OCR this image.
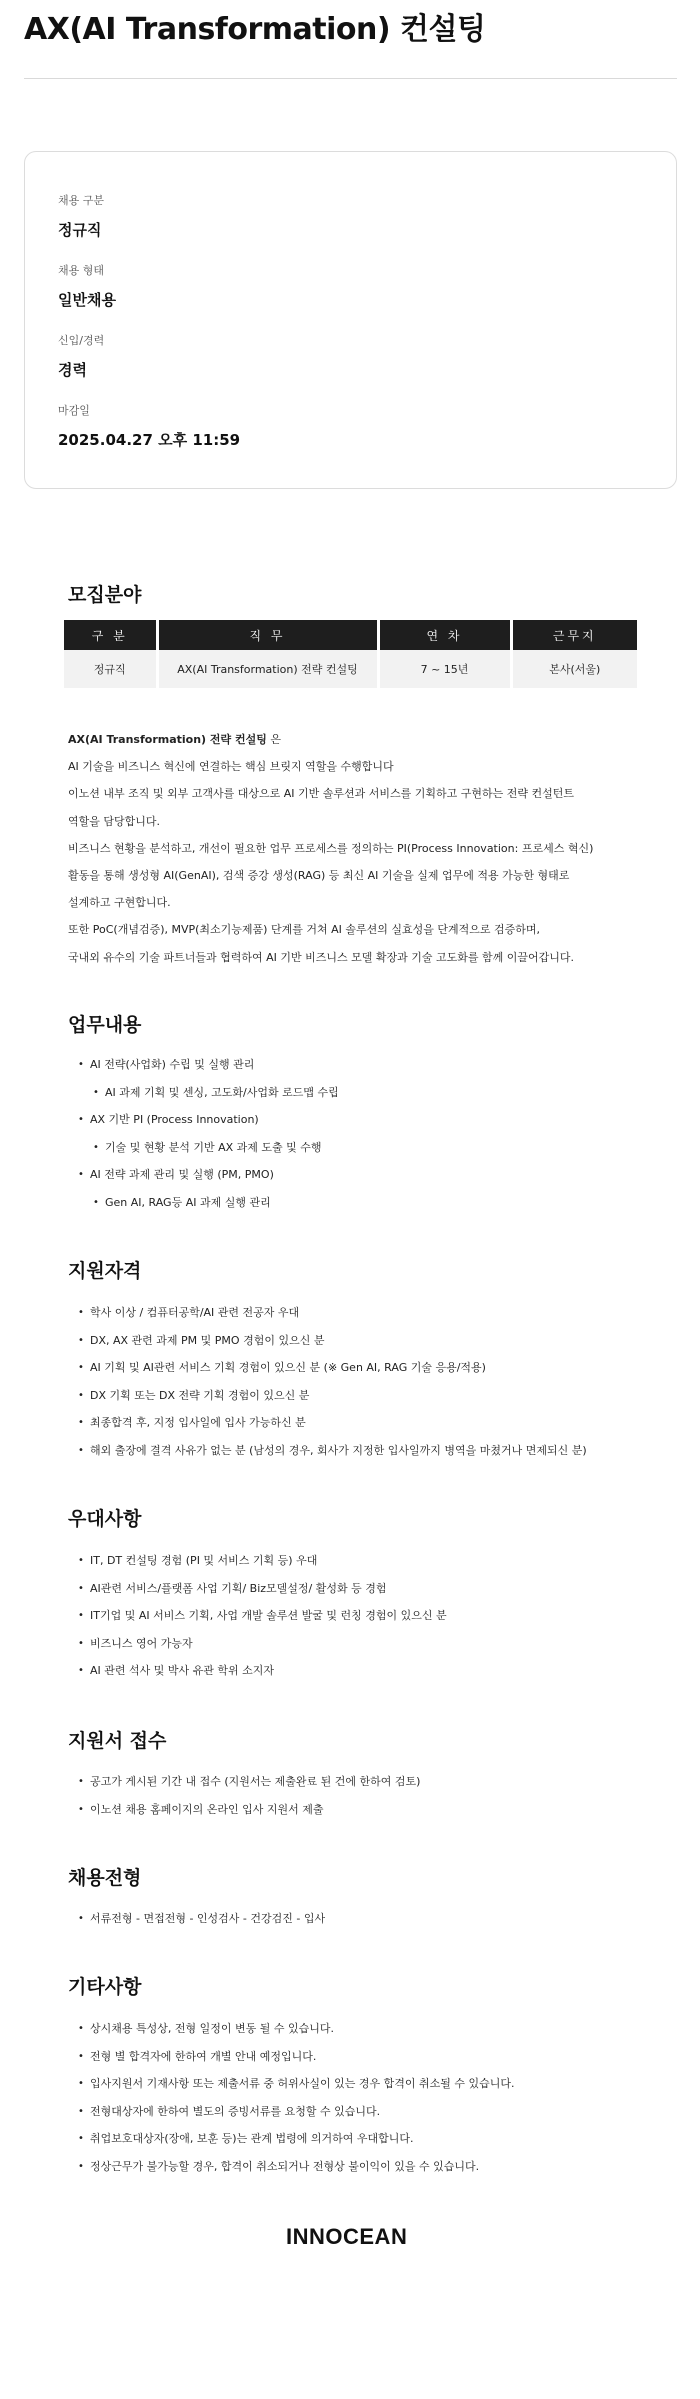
AX(AI Transformation) 컨설팅
채용 구분
정규직
채용 형태
일반채용
신입/경력
경력
마감일
2025.04.27 오후 11:59
모집분야
구 분	직 무	연 차	근무지
정규직	AX(AI Transformation) 전략 컨설팅	7 ~ 15년	본사(서울)
AX(AI Transformation) 전략 컨설팅 은
AI 기술을 비즈니스 혁신에 연결하는 핵심 브릿지 역할을 수행합니다
이노션 내부 조직 및 외부 고객사를 대상으로 AI 기반 솔루션과 서비스를 기획하고 구현하는 전략 컨설턴트
역할을 담당합니다.
비즈니스 현황을 분석하고, 개선이 필요한 업무 프로세스를 정의하는 PI(Process Innovation: 프로세스 혁신)
활동을 통해 생성형 AI(GenAI), 검색 증강 생성(RAG) 등 최신 AI 기술을 실제 업무에 적용 가능한 형태로
설계하고 구현합니다.
또한 PoC(개념검증), MVP(최소기능제품) 단계를 거쳐 AI 솔루션의 실효성을 단계적으로 검증하며,
국내외 유수의 기술 파트너들과 협력하여 AI 기반 비즈니스 모델 확장과 기술 고도화를 함께 이끌어갑니다.
업무내용
• AI 전략(사업화) 수립 및 실행 관리
• AI 과제 기획 및 센싱, 고도화/사업화 로드맵 수립
• AX 기반 PI (Process Innovation)
• 기술 및 현황 분석 기반 AX 과제 도출 및 수행
• AI 전략 과제 관리 및 실행 (PM, PMO)
• Gen AI, RAG등 AI 과제 실행 관리
지원자격
• 학사 이상 / 컴퓨터공학/AI 관련 전공자 우대
• DX, AX 관련 과제 PM 및 PMO 경험이 있으신 분
• AI 기획 및 AI관련 서비스 기획 경험이 있으신 분 (※ Gen AI, RAG 기술 응용/적용)
• DX 기획 또는 DX 전략 기획 경험이 있으신 분
• 최종합격 후, 지정 입사일에 입사 가능하신 분
• 해외 출장에 결격 사유가 없는 분 (남성의 경우, 회사가 지정한 입사일까지 병역을 마쳤거나 면제되신 분)
우대사항
• IT, DT 컨설팅 경험 (PI 및 서비스 기획 등) 우대
• AI관련 서비스/플랫폼 사업 기획/ Biz모델설정/ 활성화 등 경험
• IT기업 및 AI 서비스 기획, 사업 개발 솔루션 발굴 및 런칭 경험이 있으신 분
• 비즈니스 영어 가능자
• AI 관련 석사 및 박사 유관 학위 소지자
지원서 접수
• 공고가 게시된 기간 내 접수 (지원서는 제출완료 된 건에 한하여 검토)
• 이노션 채용 홈페이지의 온라인 입사 지원서 제출
채용전형
• 서류전형 - 면접전형 - 인성검사 - 건강검진 - 입사
기타사항
• 상시채용 특성상, 전형 일정이 변동 될 수 있습니다.
• 전형 별 합격자에 한하여 개별 안내 예정입니다.
• 입사지원서 기재사항 또는 제출서류 중 허위사실이 있는 경우 합격이 취소될 수 있습니다.
• 전형대상자에 한하여 별도의 증빙서류를 요청할 수 있습니다.
• 취업보호대상자(장애, 보훈 등)는 관계 법령에 의거하여 우대합니다.
• 정상근무가 불가능할 경우, 합격이 취소되거나 전형상 불이익이 있을 수 있습니다.
INNOCEAN
